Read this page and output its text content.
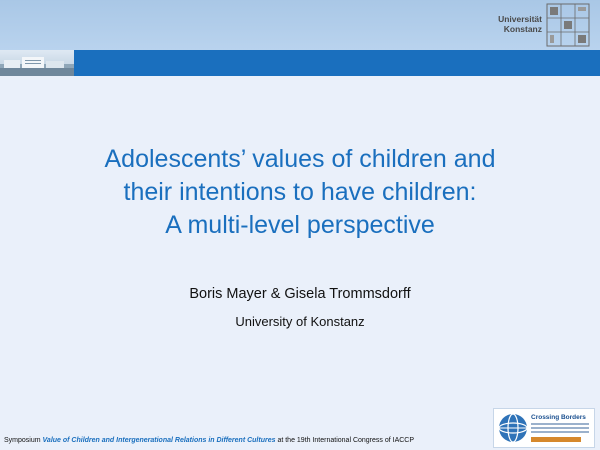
Universität
Konstanz
Adolescents’ values of children and
their intentions to have children:
A multi-level perspective
Boris Mayer & Gisela Trommsdorff
University of Konstanz
Symposium Value of Children and Intergenerational Relations in Different Cultures at the 19th International Congress of IACCP
Crossing Borders
